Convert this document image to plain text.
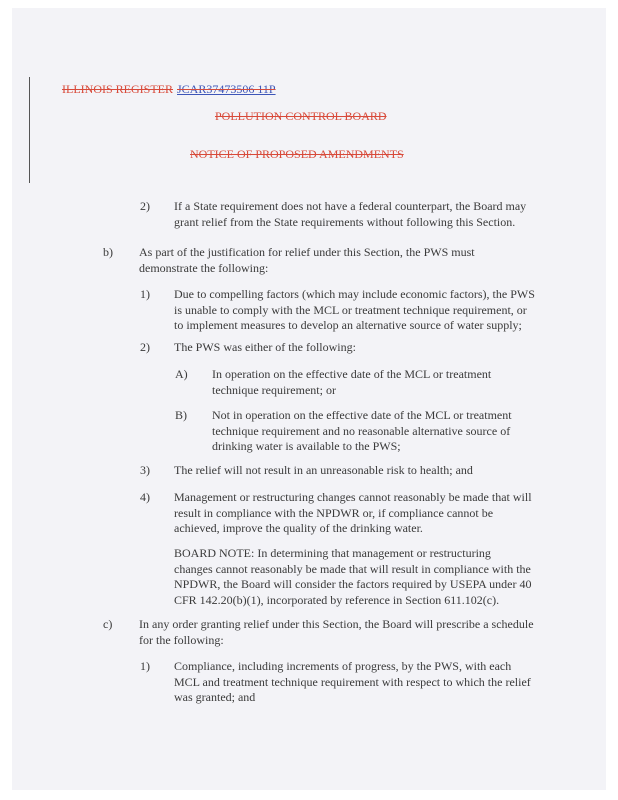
ILLINOIS REGISTER JCAR37473506 11P
POLLUTION CONTROL BOARD
NOTICE OF PROPOSED AMENDMENTS
2) If a State requirement does not have a federal counterpart, the Board may
grant relief from the State requirements without following this Section.
b) As part of the justification for relief under this Section, the PWS must
demonstrate the following:
1) Due to compelling factors (which may include economic factors), the PWS
is unable to comply with the MCL or treatment technique requirement, or
to implement measures to develop an alternative source of water supply;
2) The PWS was either of the following:
A) In operation on the effective date of the MCL or treatment
technique requirement; or
B) Not in operation on the effective date of the MCL or treatment
technique requirement and no reasonable alternative source of
drinking water is available to the PWS;
3) The relief will not result in an unreasonable risk to health; and
4) Management or restructuring changes cannot reasonably be made that will
result in compliance with the NPDWR or, if compliance cannot be
achieved, improve the quality of the drinking water.
BOARD NOTE: In determining that management or restructuring
changes cannot reasonably be made that will result in compliance with the
NPDWR, the Board will consider the factors required by USEPA under 40
CFR 142.20(b)(1), incorporated by reference in Section 611.102(c).
c) In any order granting relief under this Section, the Board will prescribe a schedule
for the following:
1) Compliance, including increments of progress, by the PWS, with each
MCL and treatment technique requirement with respect to which the relief
was granted; and
